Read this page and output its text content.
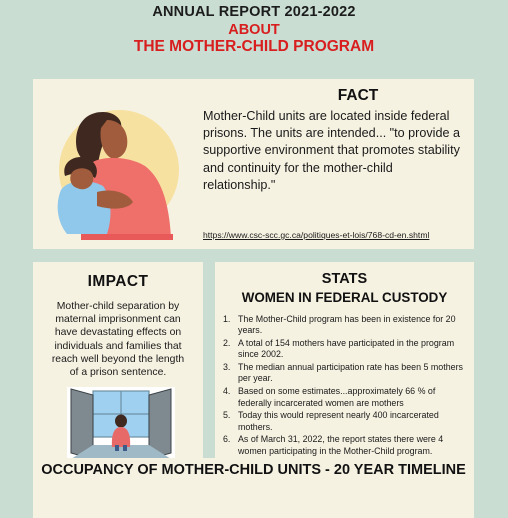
ANNUAL REPORT 2021-2022
ABOUT
THE MOTHER-CHILD PROGRAM
FACT
Mother-Child units are located inside federal prisons. The units are intended... "to provide a supportive environment that promotes stability and continuity for the mother-child relationship."
https://www.csc-scc.gc.ca/politiques-et-lois/768-cd-en.shtml
IMPACT
Mother-child separation by maternal imprisonment can have devastating effects on individuals and families that reach well beyond the length of a prison sentence.
STATS
WOMEN IN FEDERAL CUSTODY
1. The Mother-Child program has been in existence for 20 years.
2. A total of 154 mothers have participated in the program since 2002.
3. The median annual participation rate has been 5 mothers per year.
4. Based on some estimates...approximately 66 % of federally incarcerated women are mothers
5. Today this would represent nearly 400 incarcerated mothers.
6. As of March 31, 2022, the report states there were 4 women participating in the Mother-Child program.
OCCUPANCY OF MOTHER-CHILD UNITS - 20 YEAR TIMELINE
